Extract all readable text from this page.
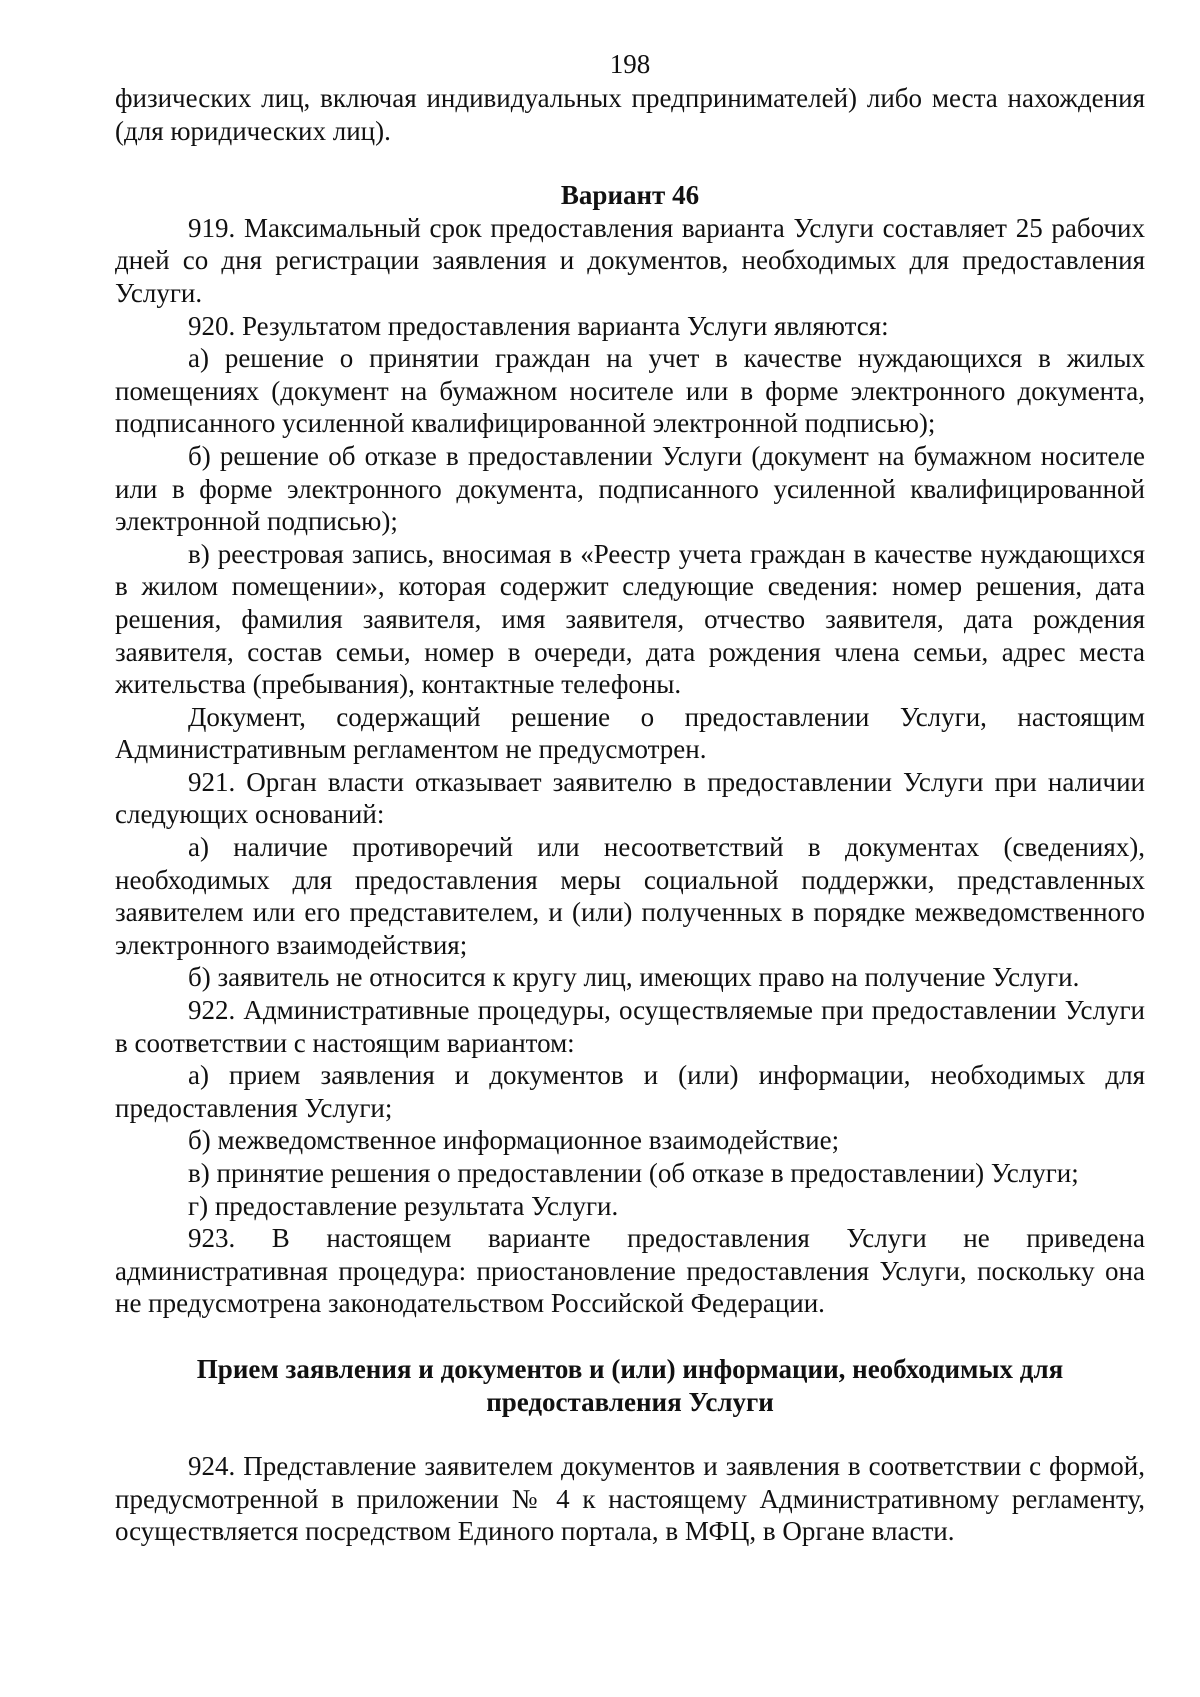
198

физических лиц, включая индивидуальных предпринимателей) либо места нахождения (для юридических лиц).

Вариант 46

919. Максимальный срок предоставления варианта Услуги составляет 25 рабочих дней со дня регистрации заявления и документов, необходимых для предоставления Услуги.

920. Результатом предоставления варианта Услуги являются:

а) решение о принятии граждан на учет в качестве нуждающихся в жилых помещениях (документ на бумажном носителе или в форме электронного документа, подписанного усиленной квалифицированной электронной подписью);

б) решение об отказе в предоставлении Услуги (документ на бумажном носителе или в форме электронного документа, подписанного усиленной квалифицированной электронной подписью);

в) реестровая запись, вносимая в «Реестр учета граждан в качестве нуждающихся в жилом помещении», которая содержит следующие сведения: номер решения, дата решения, фамилия заявителя, имя заявителя, отчество заявителя, дата рождения заявителя, состав семьи, номер в очереди, дата рождения члена семьи, адрес места жительства (пребывания), контактные телефоны.

Документ, содержащий решение о предоставлении Услуги, настоящим Административным регламентом не предусмотрен.

921. Орган власти отказывает заявителю в предоставлении Услуги при наличии следующих оснований:

а) наличие противоречий или несоответствий в документах (сведениях), необходимых для предоставления меры социальной поддержки, представленных заявителем или его представителем, и (или) полученных в порядке межведомственного электронного взаимодействия;

б) заявитель не относится к кругу лиц, имеющих право на получение Услуги.

922. Административные процедуры, осуществляемые при предоставлении Услуги в соответствии с настоящим вариантом:

а) прием заявления и документов и (или) информации, необходимых для предоставления Услуги;

б) межведомственное информационное взаимодействие;

в) принятие решения о предоставлении (об отказе в предоставлении) Услуги;

г) предоставление результата Услуги.

923. В настоящем варианте предоставления Услуги не приведена административная процедура: приостановление предоставления Услуги, поскольку она не предусмотрена законодательством Российской Федерации.

Прием заявления и документов и (или) информации, необходимых для
предоставления Услуги

924. Представление заявителем документов и заявления в соответствии с формой, предусмотренной в приложении № 4 к настоящему Административному регламенту, осуществляется посредством Единого портала, в МФЦ, в Органе власти.
